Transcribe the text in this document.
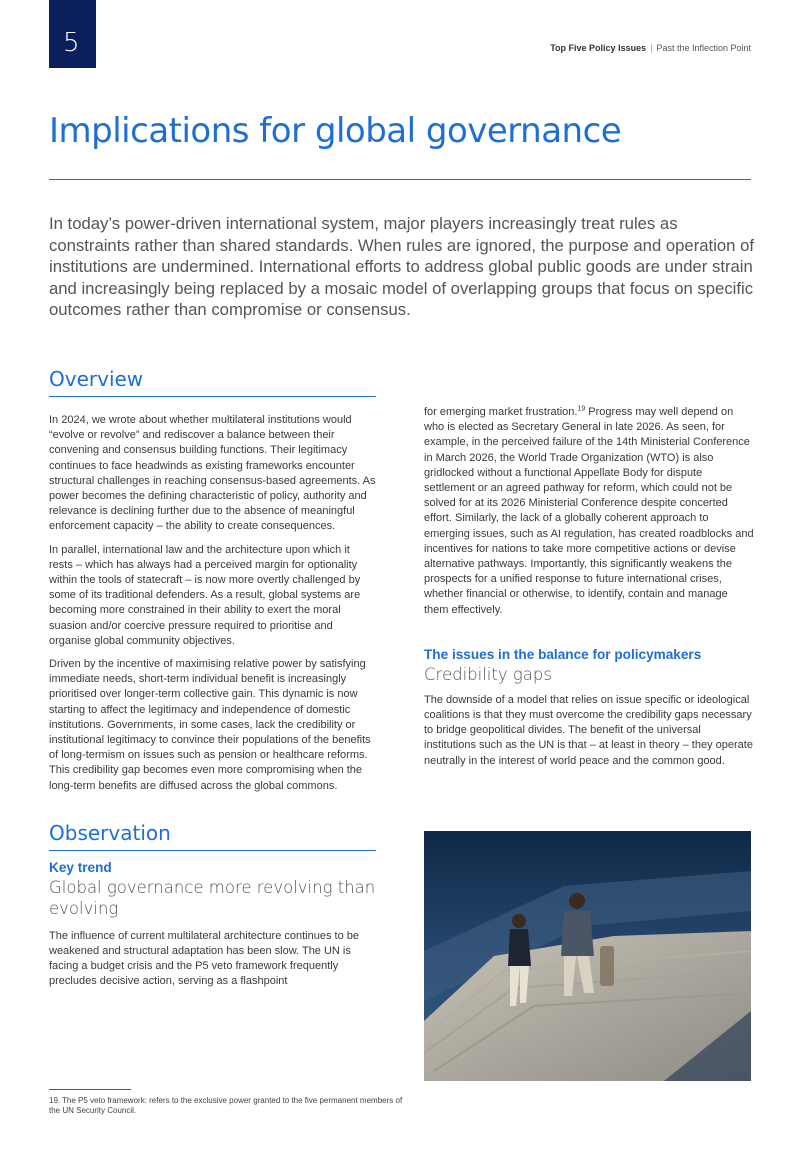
5	Top Five Policy Issues | Past the Inflection Point
Implications for global governance

In today’s power-driven international system, major players increasingly treat rules as constraints rather than shared standards. When rules are ignored, the purpose and operation of institutions are undermined. International efforts to address global public goods are under strain and increasingly being replaced by a mosaic model of overlapping groups that focus on specific outcomes rather than compromise or consensus.

Overview

In 2024, we wrote about whether multilateral institutions would “evolve or revolve” and rediscover a balance between their convening and consensus building functions. Their legitimacy continues to face headwinds as existing frameworks encounter structural challenges in reaching consensus-based agreements. As power becomes the defining characteristic of policy, authority and relevance is declining further due to the absence of meaningful enforcement capacity – the ability to create consequences.

In parallel, international law and the architecture upon which it rests – which has always had a perceived margin for optionality within the tools of statecraft – is now more overtly challenged by some of its traditional defenders. As a result, global systems are becoming more constrained in their ability to exert the moral suasion and/or coercive pressure required to prioritise and organise global community objectives.

Driven by the incentive of maximising relative power by satisfying immediate needs, short-term individual benefit is increasingly prioritised over longer-term collective gain. This dynamic is now starting to affect the legitimacy and independence of domestic institutions. Governments, in some cases, lack the credibility or institutional legitimacy to convince their populations of the benefits of long-termism on issues such as pension or healthcare reforms. This credibility gap becomes even more compromising when the long-term benefits are diffused across the global commons.

Observation

Key trend

Global governance more revolving than evolving

The influence of current multilateral architecture continues to be weakened and structural adaptation has been slow. The UN is facing a budget crisis and the P5 veto framework frequently precludes decisive action, serving as a flashpoint

for emerging market frustration.$^{19}$ Progress may well depend on who is elected as Secretary General in late 2026. As seen, for example, in the perceived failure of the 14th Ministerial Conference in March 2026, the World Trade Organization (WTO) is also gridlocked without a functional Appellate Body for dispute settlement or an agreed pathway for reform, which could not be solved for at its 2026 Ministerial Conference despite concerted effort. Similarly, the lack of a globally coherent approach to emerging issues, such as AI regulation, has created roadblocks and incentives for nations to take more competitive actions or devise alternative pathways. Importantly, this significantly weakens the prospects for a unified response to future international crises, whether financial or otherwise, to identify, contain and manage them effectively.

The issues in the balance for policymakers

Credibility gaps

The downside of a model that relies on issue specific or ideological coalitions is that they must overcome the credibility gaps necessary to bridge geopolitical divides. The benefit of the universal institutions such as the UN is that – at least in theory – they operate neutrally in the interest of world peace and the common good.

19. The P5 veto framework: refers to the exclusive power granted to the five permanent members of the UN Security Council.
